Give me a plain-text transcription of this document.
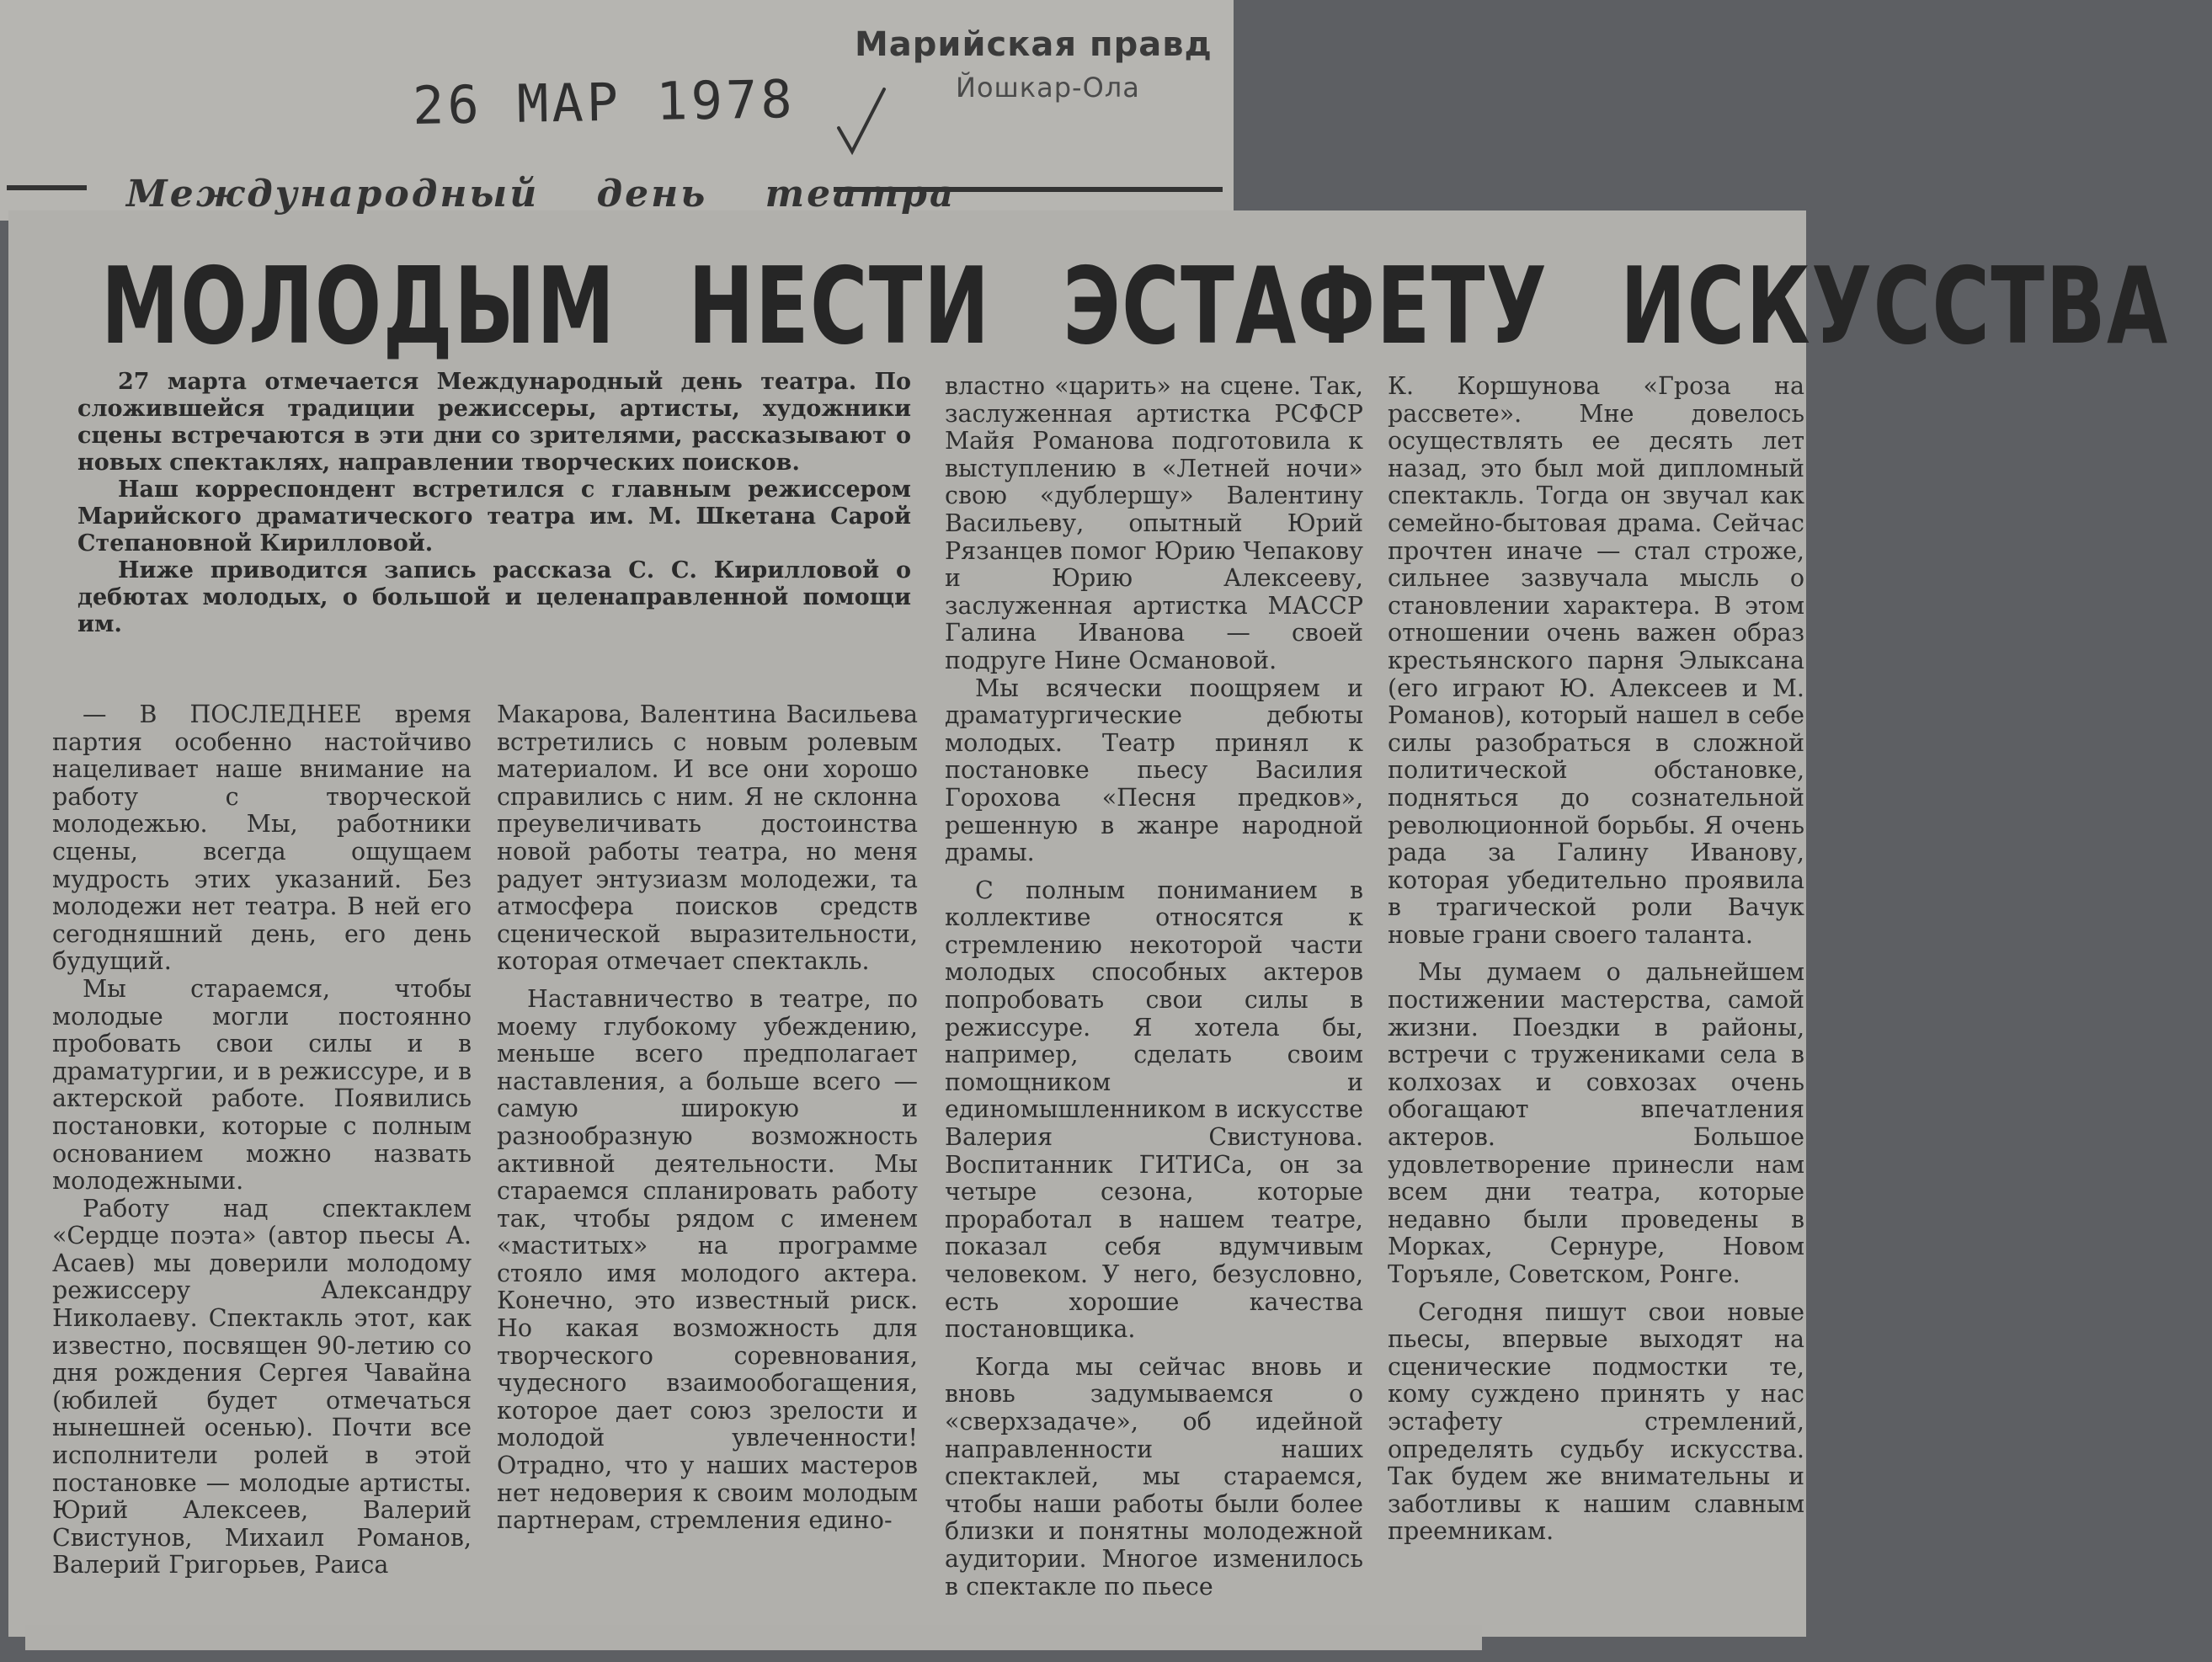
Марийская правд
Йошкар-Ола
26 МАР 1978
Международный день театра
МОЛОДЫМ НЕСТИ ЭСТАФЕТУ ИСКУССТВА

27 марта отмечается Международный день театра. По сложившейся традиции режиссеры, артисты, художники сцены встречаются в эти дни со зрителями, рассказывают о новых спектаклях, направлении творческих поисков.

Наш корреспондент встретился с главным режиссером Марийского драматического театра им. М. Шкетана Сарой Степановной Кирилловой.

Ниже приводится запись рассказа С. С. Кирилловой о дебютах молодых, о большой и целенаправленной помощи им.

— В ПОСЛЕДНЕЕ время партия особенно настойчиво нацеливает наше внимание на работу с творческой молодежью. Мы, работники сцены, всегда ощущаем мудрость этих указаний. Без молодежи нет театра. В ней его сегодняшний день, его день будущий.

Мы стараемся, чтобы молодые могли постоянно пробовать свои силы и в драматургии, и в режиссуре, и в актерской работе. Появились постановки, которые с полным основанием можно назвать молодежными.

Работу над спектаклем «Сердце поэта» (автор пьесы А. Асаев) мы доверили молодому режиссеру Александру Николаеву. Спектакль этот, как известно, посвящен 90-летию со дня рождения Сергея Чавайна (юбилей будет отмечаться нынешней осенью). Почти все исполнители ролей в этой постановке — молодые артисты. Юрий Алексеев, Валерий Свистунов, Михаил Романов, Валерий Григорьев, Раиса

Макарова, Валентина Васильева встретились с новым ролевым материалом. И все они хорошо справились с ним. Я не склонна преувеличивать достоинства новой работы театра, но меня радует энтузиазм молодежи, та атмосфера поисков средств сценической выразительности, которая отмечает спектакль.

Наставничество в театре, по моему глубокому убеждению, меньше всего предполагает наставления, а больше всего — самую широкую и разнообразную возможность активной деятельности. Мы стараемся спланировать работу так, чтобы рядом с именем «маститых» на программе стояло имя молодого актера. Конечно, это известный риск. Но какая возможность для творческого соревнования, чудесного взаимообогащения, которое дает союз зрелости и молодой увлеченности! Отрадно, что у наших мастеров нет недоверия к своим молодым партнерам, стремления едино-

властно «царить» на сцене. Так, заслуженная артистка РСФСР Майя Романова подготовила к выступлению в «Летней ночи» свою «дублершу» Валентину Васильеву, опытный Юрий Рязанцев помог Юрию Чепакову и Юрию Алексееву, заслуженная артистка МАССР Галина Иванова — своей подруге Нине Османовой.

Мы всячески поощряем и драматургические дебюты молодых. Театр принял к постановке пьесу Василия Горохова «Песня предков», решенную в жанре народной драмы.

С полным пониманием в коллективе относятся к стремлению некоторой части молодых способных актеров попробовать свои силы в режиссуре. Я хотела бы, например, сделать своим помощником и единомышленником в искусстве Валерия Свистунова. Воспитанник ГИТИСа, он за четыре сезона, которые проработал в нашем театре, показал себя вдумчивым человеком. У него, безусловно, есть хорошие качества постановщика.

Когда мы сейчас вновь и вновь задумываемся о «сверхзадаче», об идейной направленности наших спектаклей, мы стараемся, чтобы наши работы были более близки и понятны молодежной аудитории. Многое изменилось в спектакле по пьесе

К. Коршунова «Гроза на рассвете». Мне довелось осуществлять ее десять лет назад, это был мой дипломный спектакль. Тогда он звучал как семейно-бытовая драма. Сейчас прочтен иначе — стал строже, сильнее зазвучала мысль о становлении характера. В этом отношении очень важен образ крестьянского парня Элыксана (его играют Ю. Алексеев и М. Романов), который нашел в себе силы разобраться в сложной политической обстановке, подняться до сознательной революционной борьбы. Я очень рада за Галину Иванову, которая убедительно проявила в трагической роли Вачук новые грани своего таланта.

Мы думаем о дальнейшем постижении мастерства, самой жизни. Поездки в районы, встречи с тружениками села в колхозах и совхозах очень обогащают впечатления актеров. Большое удовлетворение принесли нам всем дни театра, которые недавно были проведены в Морках, Сернуре, Новом Торъяле, Советском, Ронге.

Сегодня пишут свои новые пьесы, впервые выходят на сценические подмостки те, кому суждено принять у нас эстафету стремлений, определять судьбу искусства. Так будем же внимательны и заботливы к нашим славным преемникам.
